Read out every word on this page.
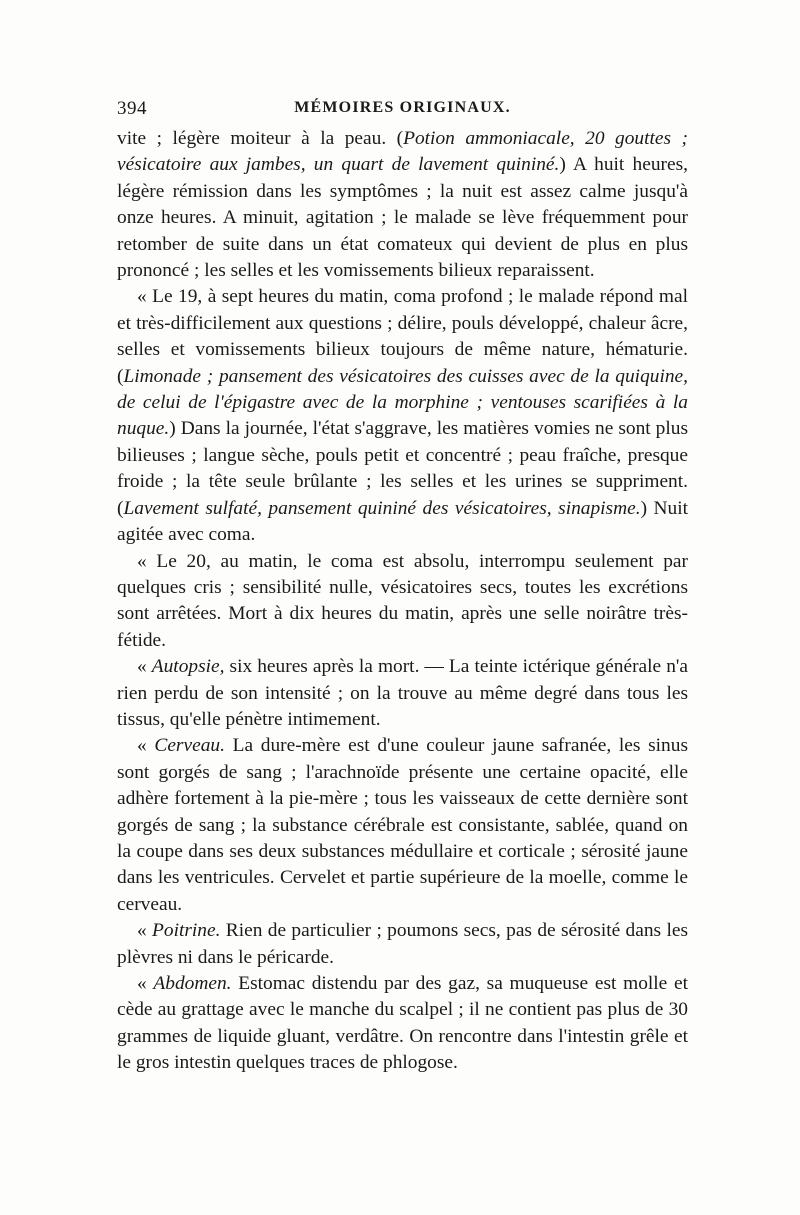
394	MÉMOIRES ORIGINAUX.

vite ; légère moiteur à la peau. (Potion ammoniacale, 20 gouttes ; vésicatoire aux jambes, un quart de lavement quininé.) A huit heures, légère rémission dans les symptômes ; la nuit est assez calme jusqu'à onze heures. A minuit, agitation ; le malade se lève fréquemment pour retomber de suite dans un état comateux qui devient de plus en plus prononcé ; les selles et les vomissements bilieux reparaissent.

« Le 19, à sept heures du matin, coma profond ; le malade répond mal et très-difficilement aux questions ; délire, pouls développé, chaleur âcre, selles et vomissements bilieux toujours de même nature, hématurie. (Limonade ; pansement des vésicatoires des cuisses avec de la quiquine, de celui de l'épigastre avec de la morphine ; ventouses scarifiées à la nuque.) Dans la journée, l'état s'aggrave, les matières vomies ne sont plus bilieuses ; langue sèche, pouls petit et concentré ; peau fraîche, presque froide ; la tête seule brûlante ; les selles et les urines se suppriment. (Lavement sulfaté, pansement quininé des vésicatoires, sinapisme.) Nuit agitée avec coma.

« Le 20, au matin, le coma est absolu, interrompu seulement par quelques cris ; sensibilité nulle, vésicatoires secs, toutes les excrétions sont arrêtées. Mort à dix heures du matin, après une selle noirâtre très-fétide.

« Autopsie, six heures après la mort. — La teinte ictérique générale n'a rien perdu de son intensité ; on la trouve au même degré dans tous les tissus, qu'elle pénètre intimement.

« Cerveau. La dure-mère est d'une couleur jaune safranée, les sinus sont gorgés de sang ; l'arachnoïde présente une certaine opacité, elle adhère fortement à la pie-mère ; tous les vaisseaux de cette dernière sont gorgés de sang ; la substance cérébrale est consistante, sablée, quand on la coupe dans ses deux substances médullaire et corticale ; sérosité jaune dans les ventricules. Cervelet et partie supérieure de la moelle, comme le cerveau.

« Poitrine. Rien de particulier ; poumons secs, pas de sérosité dans les plèvres ni dans le péricarde.

« Abdomen. Estomac distendu par des gaz, sa muqueuse est molle et cède au grattage avec le manche du scalpel ; il ne contient pas plus de 30 grammes de liquide gluant, verdâtre. On rencontre dans l'intestin grêle et le gros intestin quelques traces de phlogose.
